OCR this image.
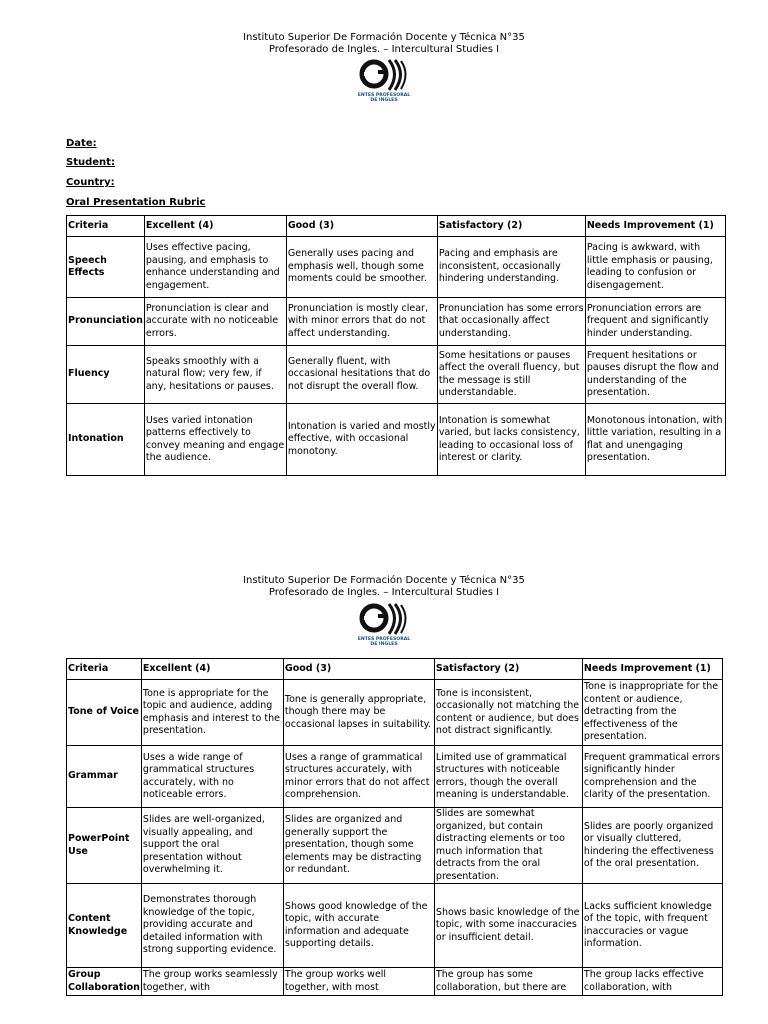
Instituto Superior De Formación Docente y Técnica N°35
Profesorado de Ingles. – Intercultural Studies I
ENTES PROFESORAL
DE INGLES
Date:
Student:
Country:
Oral Presentation Rubric
Criteria	Excellent (4)	Good (3)	Satisfactory (2)	Needs Improvement (1)
Speech Effects	Uses effective pacing, pausing, and emphasis to enhance understanding and engagement.	Generally uses pacing and emphasis well, though some moments could be smoother.	Pacing and emphasis are inconsistent, occasionally hindering understanding.	Pacing is awkward, with little emphasis or pausing, leading to confusion or disengagement.
Pronunciation	Pronunciation is clear and accurate with no noticeable errors.	Pronunciation is mostly clear, with minor errors that do not affect understanding.	Pronunciation has some errors that occasionally affect understanding.	Pronunciation errors are frequent and significantly hinder understanding.
Fluency	Speaks smoothly with a natural flow; very few, if any, hesitations or pauses.	Generally fluent, with occasional hesitations that do not disrupt the overall flow.	Some hesitations or pauses affect the overall fluency, but the message is still understandable.	Frequent hesitations or pauses disrupt the flow and understanding of the presentation.
Intonation	Uses varied intonation patterns effectively to convey meaning and engage the audience.	Intonation is varied and mostly effective, with occasional monotony.	Intonation is somewhat varied, but lacks consistency, leading to occasional loss of interest or clarity.	Monotonous intonation, with little variation, resulting in a flat and unengaging presentation.
Instituto Superior De Formación Docente y Técnica N°35
Profesorado de Ingles. – Intercultural Studies I
ENTES PROFESORAL
DE INGLES
Criteria	Excellent (4)	Good (3)	Satisfactory (2)	Needs Improvement (1)
Tone of Voice	Tone is appropriate for the topic and audience, adding emphasis and interest to the presentation.	Tone is generally appropriate, though there may be occasional lapses in suitability.	Tone is inconsistent, occasionally not matching the content or audience, but does not distract significantly.	Tone is inappropriate for the content or audience, detracting from the effectiveness of the presentation.
Grammar	Uses a wide range of grammatical structures accurately, with no noticeable errors.	Uses a range of grammatical structures accurately, with minor errors that do not affect comprehension.	Limited use of grammatical structures with noticeable errors, though the overall meaning is understandable.	Frequent grammatical errors significantly hinder comprehension and the clarity of the presentation.
PowerPoint Use	Slides are well-organized, visually appealing, and support the oral presentation without overwhelming it.	Slides are organized and generally support the presentation, though some elements may be distracting or redundant.	Slides are somewhat organized, but contain distracting elements or too much information that detracts from the oral presentation.	Slides are poorly organized or visually cluttered, hindering the effectiveness of the oral presentation.
Content Knowledge	Demonstrates thorough knowledge of the topic, providing accurate and detailed information with strong supporting evidence.	Shows good knowledge of the topic, with accurate information and adequate supporting details.	Shows basic knowledge of the topic, with some inaccuracies or insufficient detail.	Lacks sufficient knowledge of the topic, with frequent inaccuracies or vague information.
Group Collaboration	The group works seamlessly together, with	The group works well together, with most	The group has some collaboration, but there are	The group lacks effective collaboration, with
